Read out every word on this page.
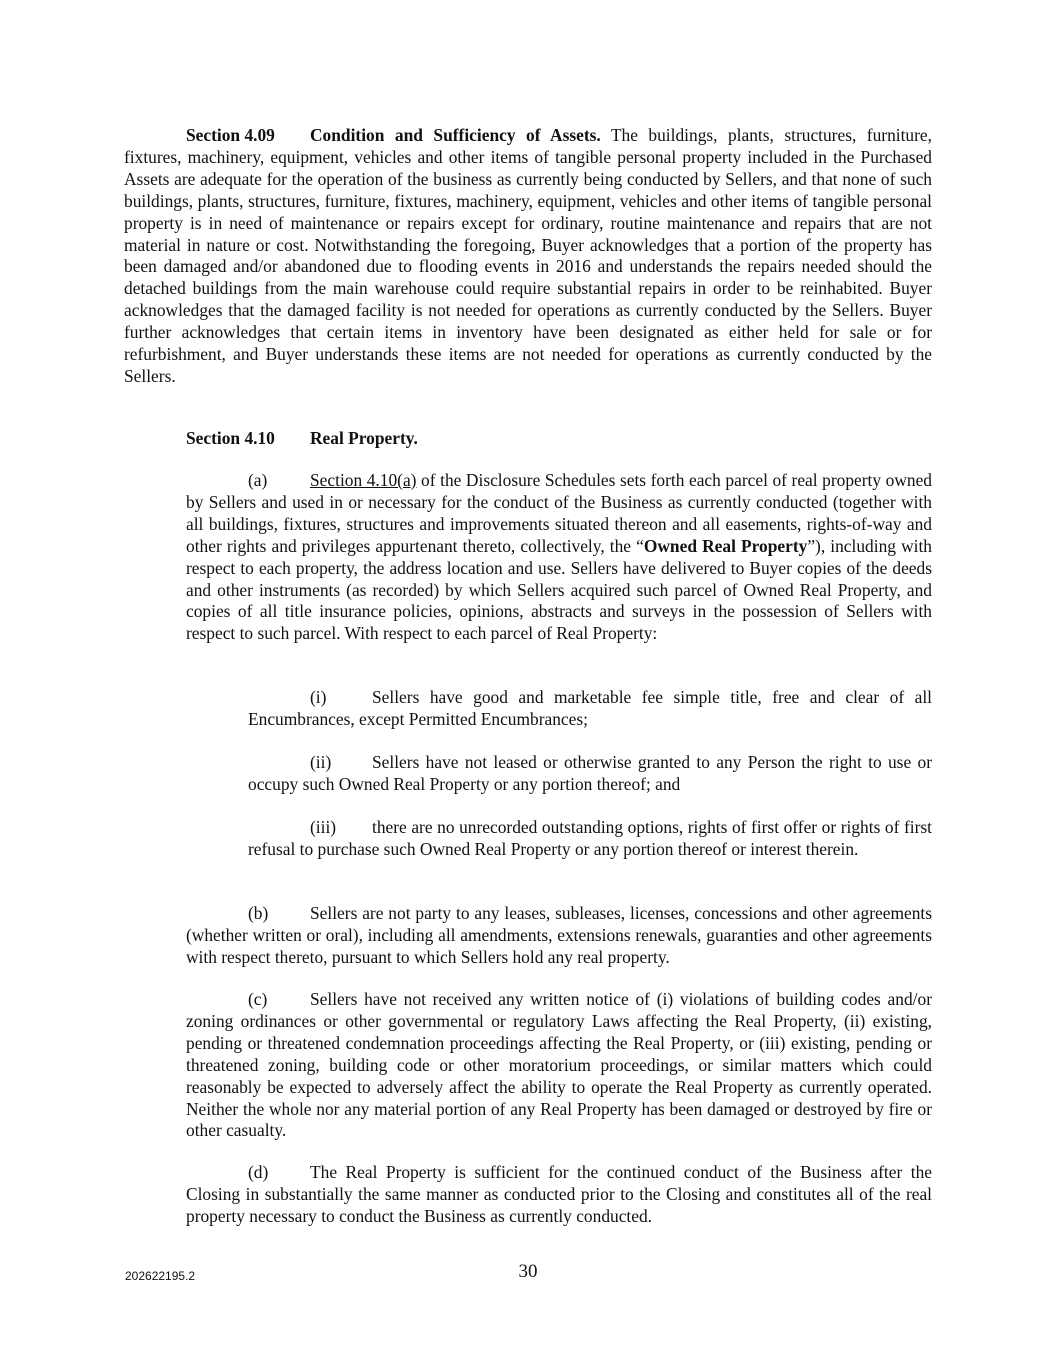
Section 4.09 Condition and Sufficiency of Assets. The buildings, plants, structures, furniture, fixtures, machinery, equipment, vehicles and other items of tangible personal property included in the Purchased Assets are adequate for the operation of the business as currently being conducted by Sellers, and that none of such buildings, plants, structures, furniture, fixtures, machinery, equipment, vehicles and other items of tangible personal property is in need of maintenance or repairs except for ordinary, routine maintenance and repairs that are not material in nature or cost. Notwithstanding the foregoing, Buyer acknowledges that a portion of the property has been damaged and/or abandoned due to flooding events in 2016 and understands the repairs needed should the detached buildings from the main warehouse could require substantial repairs in order to be reinhabited. Buyer acknowledges that the damaged facility is not needed for operations as currently conducted by the Sellers. Buyer further acknowledges that certain items in inventory have been designated as either held for sale or for refurbishment, and Buyer understands these items are not needed for operations as currently conducted by the Sellers.

Section 4.10 Real Property.

(a) Section 4.10(a) of the Disclosure Schedules sets forth each parcel of real property owned by Sellers and used in or necessary for the conduct of the Business as currently conducted (together with all buildings, fixtures, structures and improvements situated thereon and all easements, rights-of-way and other rights and privileges appurtenant thereto, collectively, the “Owned Real Property”), including with respect to each property, the address location and use. Sellers have delivered to Buyer copies of the deeds and other instruments (as recorded) by which Sellers acquired such parcel of Owned Real Property, and copies of all title insurance policies, opinions, abstracts and surveys in the possession of Sellers with respect to such parcel. With respect to each parcel of Real Property:

(i)	Sellers have good and marketable fee simple title, free and clear of all Encumbrances, except Permitted Encumbrances;

(ii) Sellers have not leased or otherwise granted to any Person the right to use or occupy such Owned Real Property or any portion thereof; and

(iii) there are no unrecorded outstanding options, rights of first offer or rights of first refusal to purchase such Owned Real Property or any portion thereof or interest therein.

(b) Sellers are not party to any leases, subleases, licenses, concessions and other agreements (whether written or oral), including all amendments, extensions renewals, guaranties and other agreements with respect thereto, pursuant to which Sellers hold any real property.

(c) Sellers have not received any written notice of (i) violations of building codes and/or zoning ordinances or other governmental or regulatory Laws affecting the Real Property, (ii) existing, pending or threatened condemnation proceedings affecting the Real Property, or (iii) existing, pending or threatened zoning, building code or other moratorium proceedings, or similar matters which could reasonably be expected to adversely affect the ability to operate the Real Property as currently operated. Neither the whole nor any material portion of any Real Property has been damaged or destroyed by fire or other casualty.

(d) The Real Property is sufficient for the continued conduct of the Business after the Closing in substantially the same manner as conducted prior to the Closing and constitutes all of the real property necessary to conduct the Business as currently conducted.

202622195.2	30
